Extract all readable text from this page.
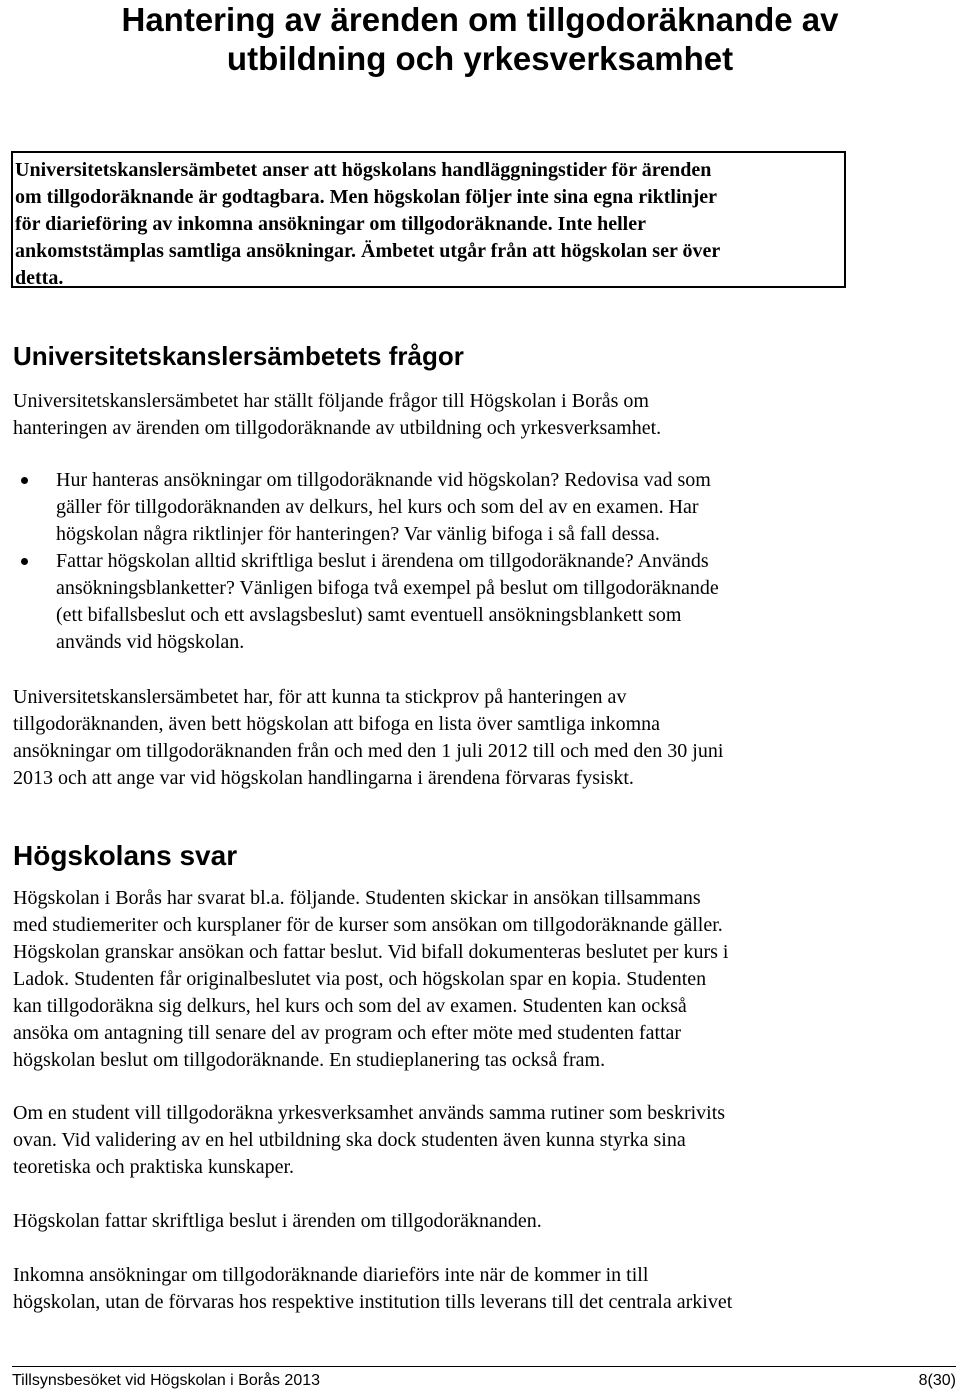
Hantering av ärenden om tillgodoräknande av
utbildning och yrkesverksamhet
Universitetskanslersämbetet anser att högskolans handläggningstider för ärenden
om tillgodoräknande är godtagbara. Men högskolan följer inte sina egna riktlinjer
för diarieföring av inkomna ansökningar om tillgodoräknande. Inte heller
ankomststämplas samtliga ansökningar. Ämbetet utgår från att högskolan ser över
detta.
Universitetskanslersämbetets frågor

Universitetskanslersämbetet har ställt följande frågor till Högskolan i Borås om
hanteringen av ärenden om tillgodoräknande av utbildning och yrkesverksamhet.

Hur hanteras ansökningar om tillgodoräknande vid högskolan? Redovisa vad som
gäller för tillgodoräknanden av delkurs, hel kurs och som del av en examen. Har
högskolan några riktlinjer för hanteringen? Var vänlig bifoga i så fall dessa.
Fattar högskolan alltid skriftliga beslut i ärendena om tillgodoräknande? Används
ansökningsblanketter? Vänligen bifoga två exempel på beslut om tillgodoräknande
(ett bifallsbeslut och ett avslagsbeslut) samt eventuell ansökningsblankett som
används vid högskolan.

Universitetskanslersämbetet har, för att kunna ta stickprov på hanteringen av
tillgodoräknanden, även bett högskolan att bifoga en lista över samtliga inkomna
ansökningar om tillgodoräknanden från och med den 1 juli 2012 till och med den 30 juni
2013 och att ange var vid högskolan handlingarna i ärendena förvaras fysiskt.

Högskolans svar

Högskolan i Borås har svarat bl.a. följande. Studenten skickar in ansökan tillsammans
med studiemeriter och kursplaner för de kurser som ansökan om tillgodoräknande gäller.
Högskolan granskar ansökan och fattar beslut. Vid bifall dokumenteras beslutet per kurs i
Ladok. Studenten får originalbeslutet via post, och högskolan spar en kopia. Studenten
kan tillgodoräkna sig delkurs, hel kurs och som del av examen. Studenten kan också
ansöka om antagning till senare del av program och efter möte med studenten fattar
högskolan beslut om tillgodoräknande. En studieplanering tas också fram.

Om en student vill tillgodoräkna yrkesverksamhet används samma rutiner som beskrivits
ovan. Vid validering av en hel utbildning ska dock studenten även kunna styrka sina
teoretiska och praktiska kunskaper.

Högskolan fattar skriftliga beslut i ärenden om tillgodoräknanden.

Inkomna ansökningar om tillgodoräknande diarieförs inte när de kommer in till
högskolan, utan de förvaras hos respektive institution tills leverans till det centrala arkivet

Tillsynsbesöket vid Högskolan i Borås 2013	8(30)
